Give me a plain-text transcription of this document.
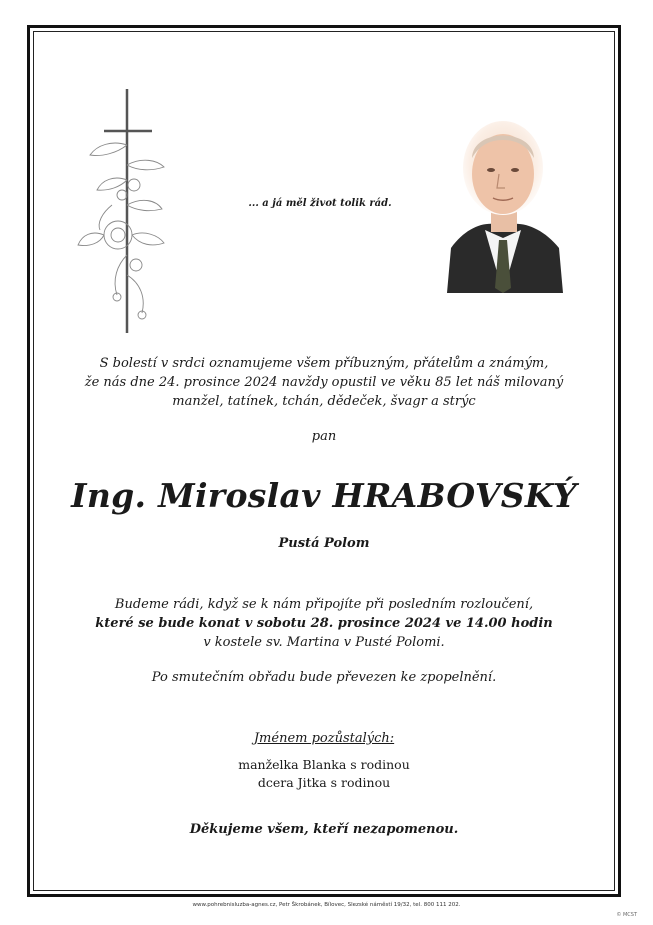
... a já měl život tolik rád.
S bolestí v srdci oznamujeme všem příbuzným, přátelům a známým,
že nás dne 24. prosince 2024 navždy opustil ve věku 85 let náš milovaný
manžel, tatínek, tchán, dědeček, švagr a strýc
pan
Ing. Miroslav HRABOVSKÝ
Pustá Polom
Budeme rádi, když se k nám připojíte při posledním rozloučení,
které se bude konat v sobotu 28. prosince 2024 ve 14.00 hodin
v kostele sv. Martina v Pusté Polomi.
Po smutečním obřadu bude převezen ke zpopelnění.
Jménem pozůstalých:
manželka Blanka s rodinou
dcera Jitka s rodinou
Děkujeme všem, kteří nezapomenou.
www.pohrebnisluzba-agnes.cz, Petr Škrobánek, Bílovec, Slezské náměstí 19/32, tel. 800 111 202.
© MCST
